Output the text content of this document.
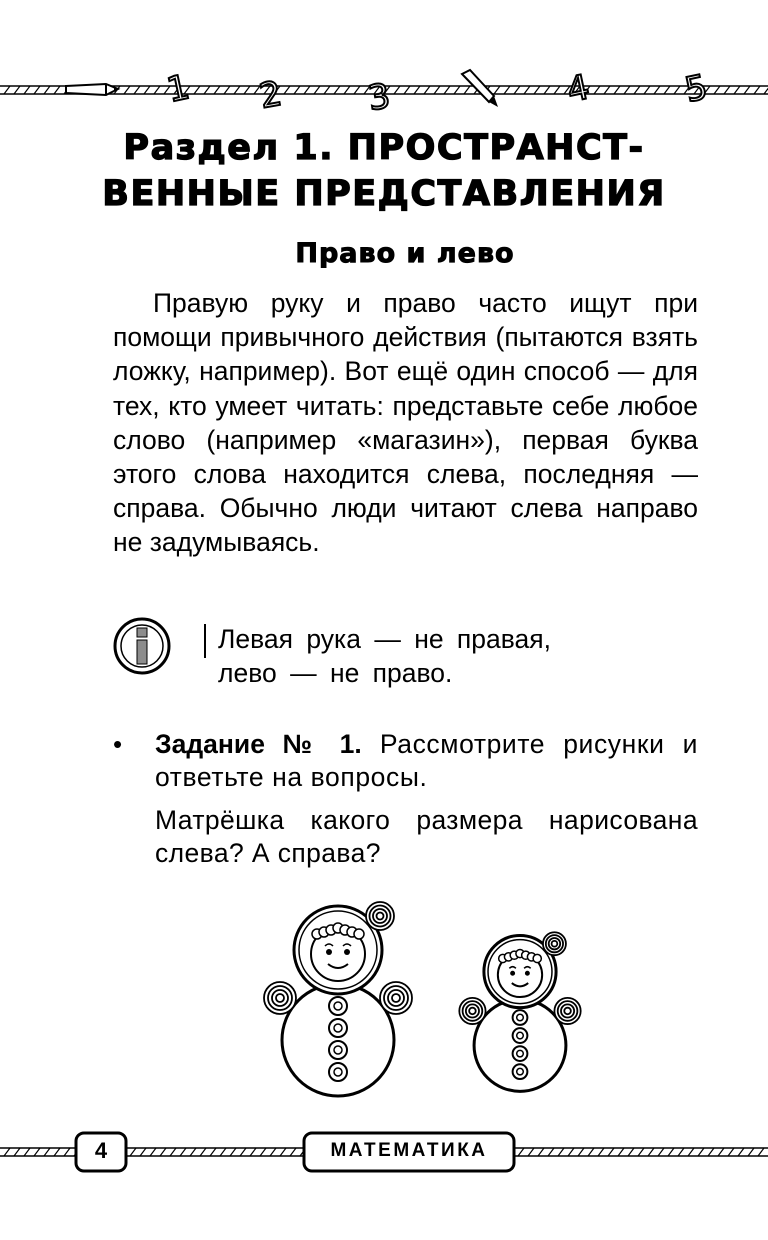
1 2 3	4	5
Раздел 1. ПРОСТРАНСТ-
ВЕННЫЕ ПРЕДСТАВЛЕНИЯ
Право и лево

Правую руку и право часто ищут при помощи привычного действия (пытаются взять ложку, например). Вот ещё один способ — для тех, кто умеет читать: представьте себе любое слово (например «магазин»), первая буква этого слова находится слева, последняя — справа. Обычно люди читают слева направо не задумываясь.

Левая рука — не правая,
лево — не право.
• Задание № 1. Рассмотрите рисунки и ответьте на вопросы.
Матрёшка какого размера нарисована слева? А справа?
4	МАТЕМАТИКА
